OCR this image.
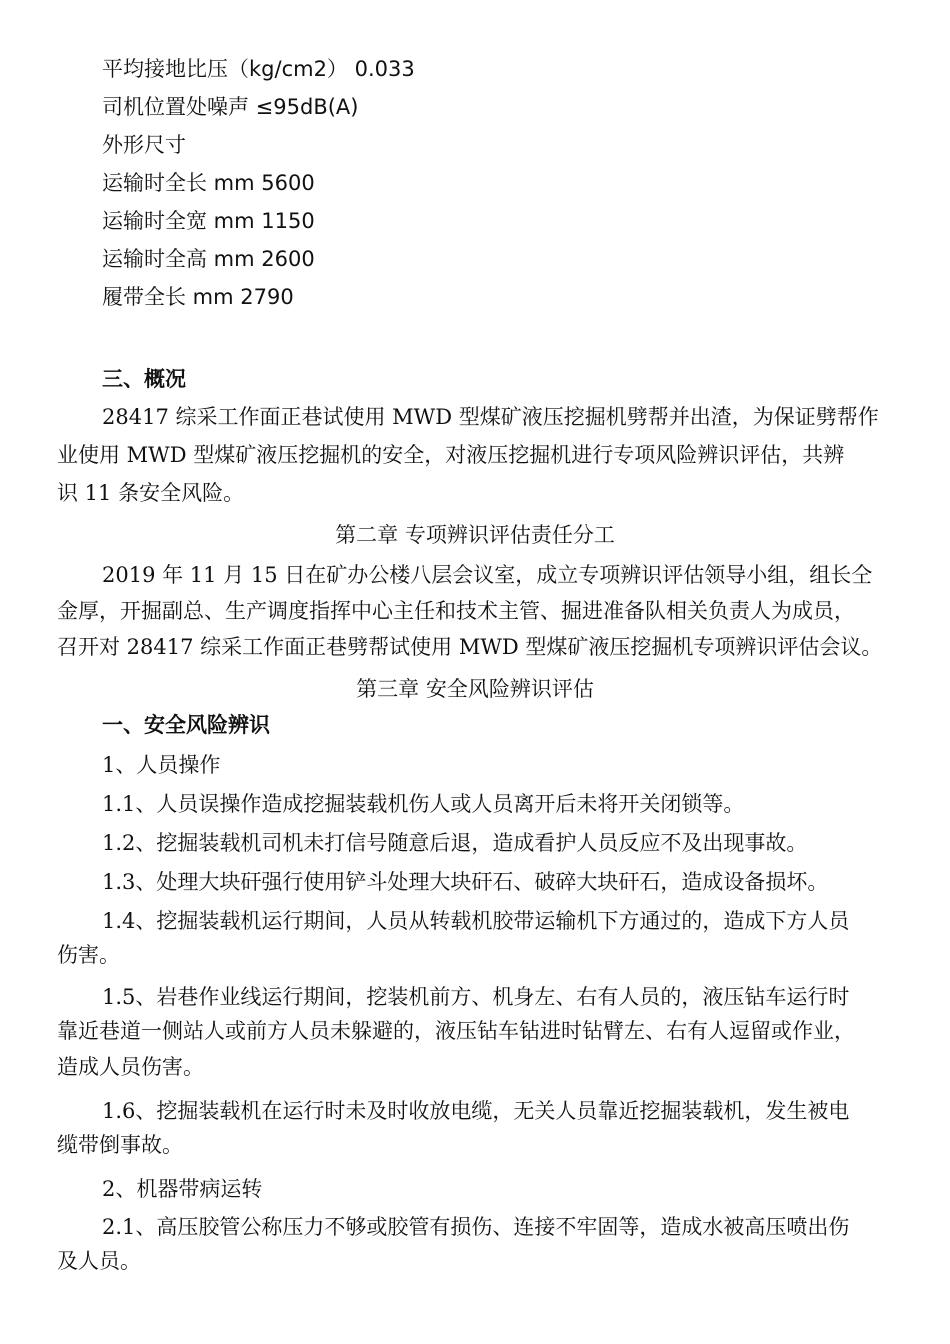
平均接地比压（kg/cm2） 0.033

司机位置处噪声 ≤95dB(A)

外形尺寸

运输时全长 mm 5600

运输时全宽 mm 1150

运输时全高 mm 2600

履带全长 mm 2790

三、概况

28417 综采工作面正巷试使用 MWD 型煤矿液压挖掘机劈帮并出渣，为保证劈帮作

业使用 MWD 型煤矿液压挖掘机的安全，对液压挖掘机进行专项风险辨识评估，共辨

识 11 条安全风险。

第二章 专项辨识评估责任分工

2019 年 11 月 15 日在矿办公楼八层会议室，成立专项辨识评估领导小组，组长仝

金厚，开掘副总、生产调度指挥中心主任和技术主管、掘进准备队相关负责人为成员，

召开对 28417 综采工作面正巷劈帮试使用 MWD 型煤矿液压挖掘机专项辨识评估会议。

第三章 安全风险辨识评估

一、安全风险辨识

1、人员操作

1.1、人员误操作造成挖掘装载机伤人或人员离开后未将开关闭锁等。

1.2、挖掘装载机司机未打信号随意后退，造成看护人员反应不及出现事故。

1.3、处理大块矸强行使用铲斗处理大块矸石、破碎大块矸石，造成设备损坏。

1.4、挖掘装载机运行期间，人员从转载机胶带运输机下方通过的，造成下方人员

伤害。

1.5、岩巷作业线运行期间，挖装机前方、机身左、右有人员的，液压钻车运行时

靠近巷道一侧站人或前方人员未躲避的，液压钻车钻进时钻臂左、右有人逗留或作业，

造成人员伤害。

1.6、挖掘装载机在运行时未及时收放电缆，无关人员靠近挖掘装载机，发生被电

缆带倒事故。

2、机器带病运转

2.1、高压胶管公称压力不够或胶管有损伤、连接不牢固等，造成水被高压喷出伤

及人员。
